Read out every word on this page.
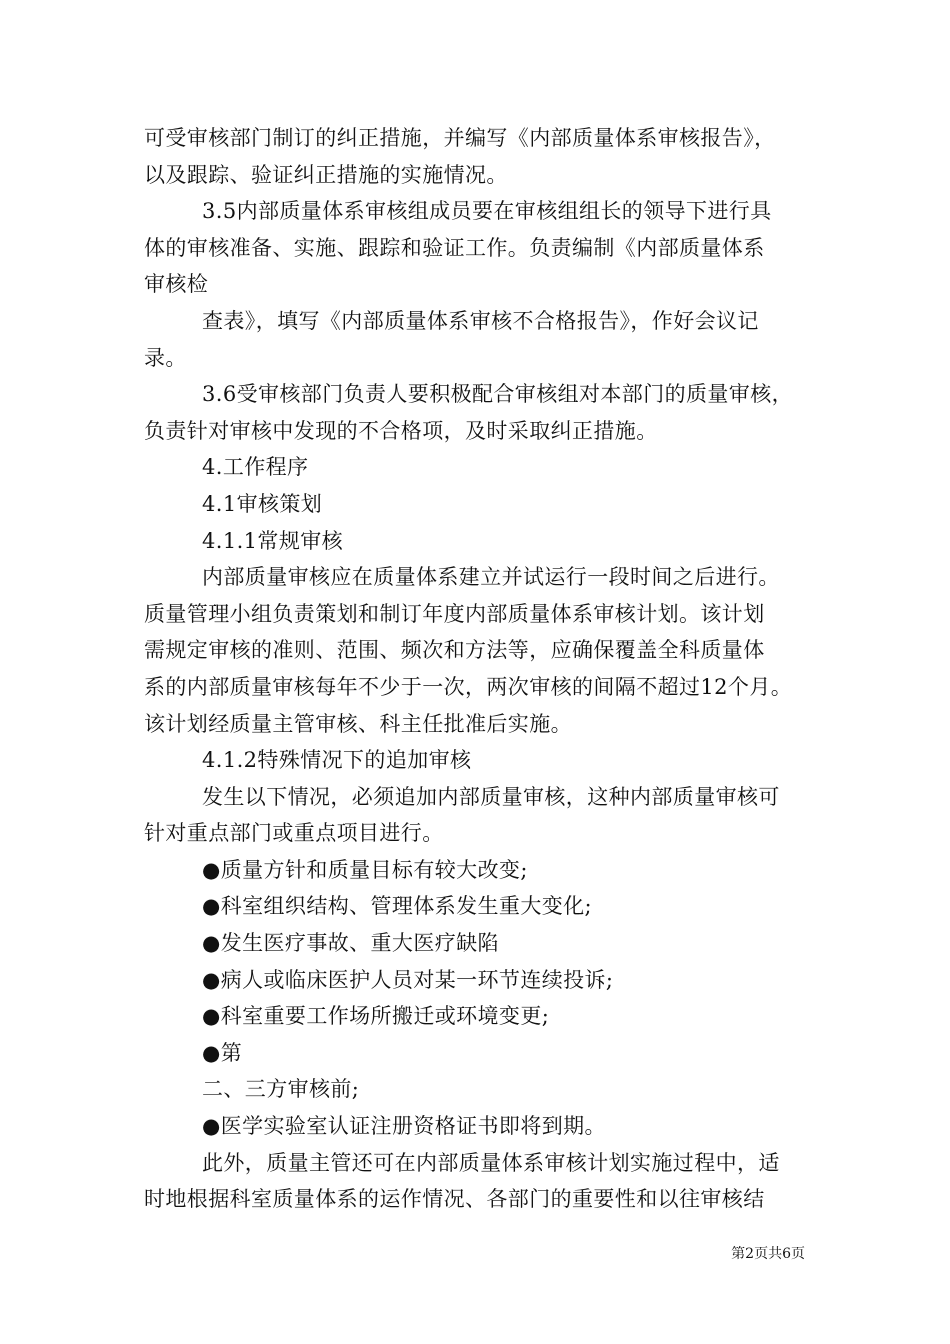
可受审核部门制订的纠正措施，并编写《内部质量体系审核报告》，
以及跟踪、验证纠正措施的实施情况。
3.5内部质量体系审核组成员要在审核组组长的领导下进行具
体的审核准备、实施、跟踪和验证工作。负责编制《内部质量体系
审核检
查表》，填写《内部质量体系审核不合格报告》，作好会议记
录。
3.6受审核部门负责人要积极配合审核组对本部门的质量审核，
负责针对审核中发现的不合格项，及时采取纠正措施。
4.工作程序
4.1审核策划
4.1.1常规审核
内部质量审核应在质量体系建立并试运行一段时间之后进行。
质量管理小组负责策划和制订年度内部质量体系审核计划。该计划
需规定审核的准则、范围、频次和方法等，应确保覆盖全科质量体
系的内部质量审核每年不少于一次，两次审核的间隔不超过12个月。
该计划经质量主管审核、科主任批准后实施。
4.1.2特殊情况下的追加审核
发生以下情况，必须追加内部质量审核，这种内部质量审核可
针对重点部门或重点项目进行。
●质量方针和质量目标有较大改变;
●科室组织结构、管理体系发生重大变化;
●发生医疗事故、重大医疗缺陷
●病人或临床医护人员对某一环节连续投诉;
●科室重要工作场所搬迁或环境变更;
●第
二、三方审核前;
●医学实验室认证注册资格证书即将到期。
此外，质量主管还可在内部质量体系审核计划实施过程中，适
时地根据科室质量体系的运作情况、各部门的重要性和以往审核结
第2页共6页
